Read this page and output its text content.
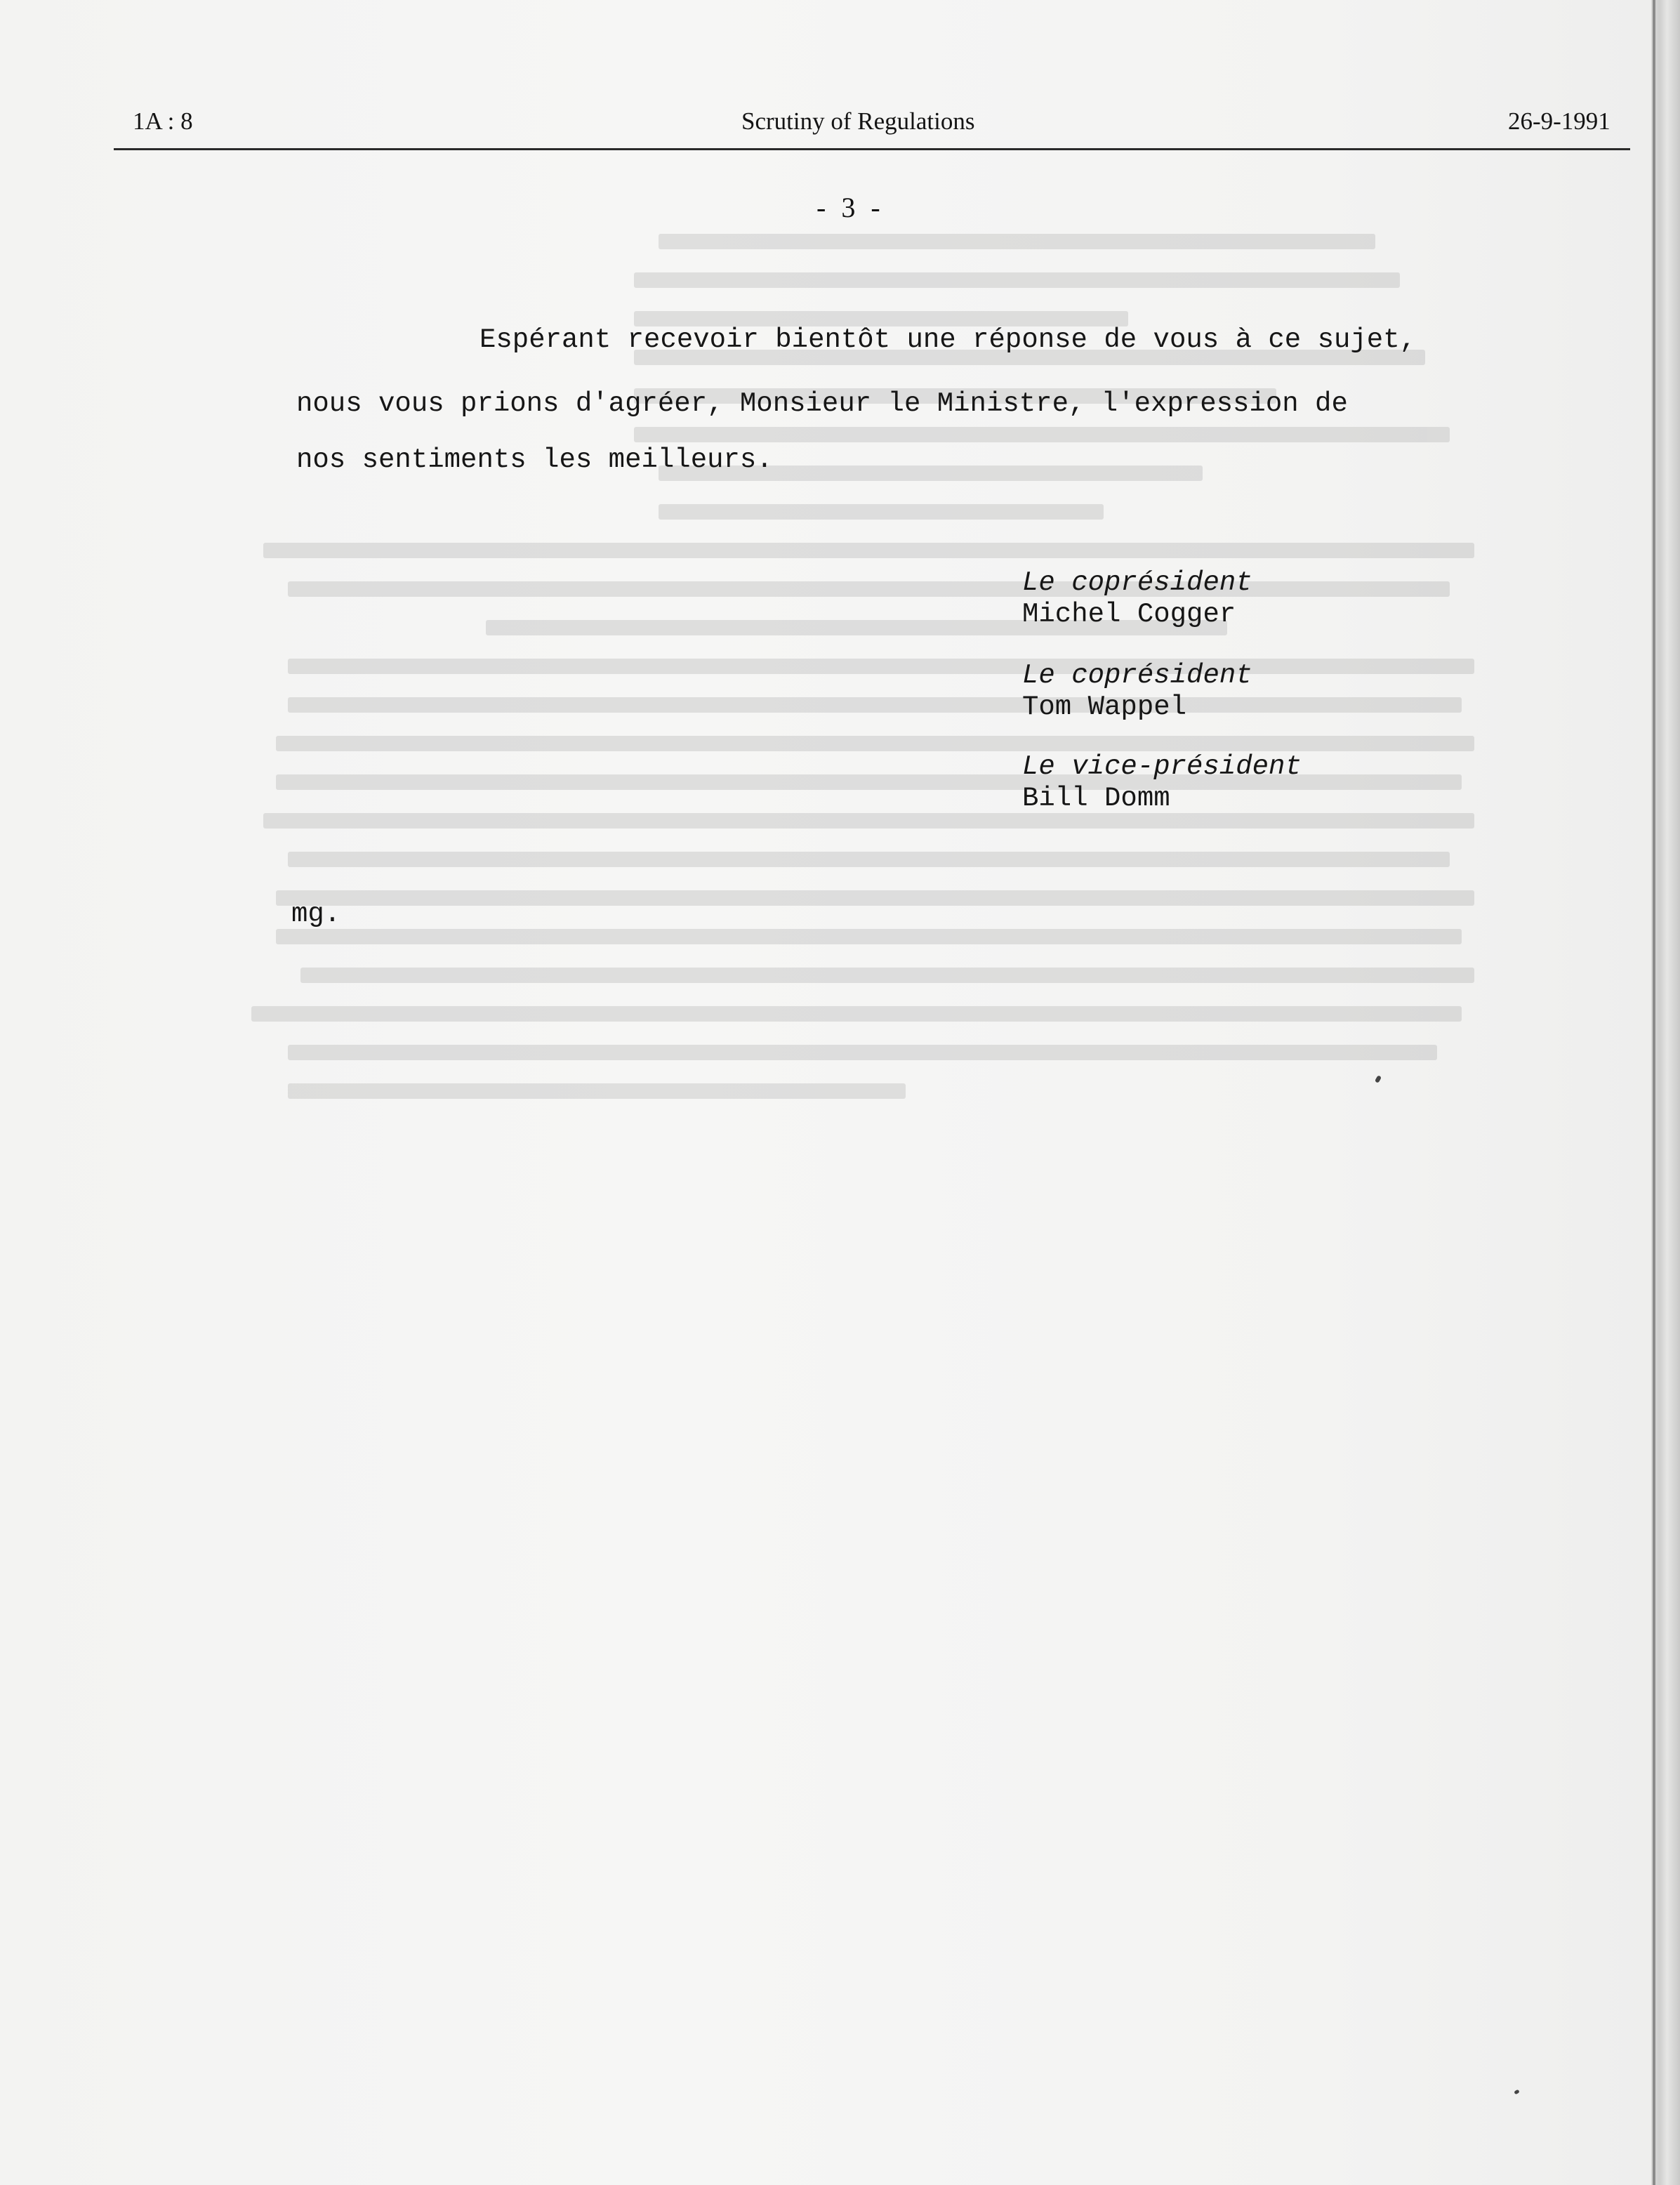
1A : 8	Scrutiny of Regulations	26-9-1991
- 3 -
Espérant recevoir bientôt une réponse de vous à ce sujet,
nous vous prions d'agréer, Monsieur le Ministre, l'expression de
nos sentiments les meilleurs.
Le coprésident
Michel Cogger
Le coprésident
Tom Wappel
Le vice-président
Bill Domm
mg.
